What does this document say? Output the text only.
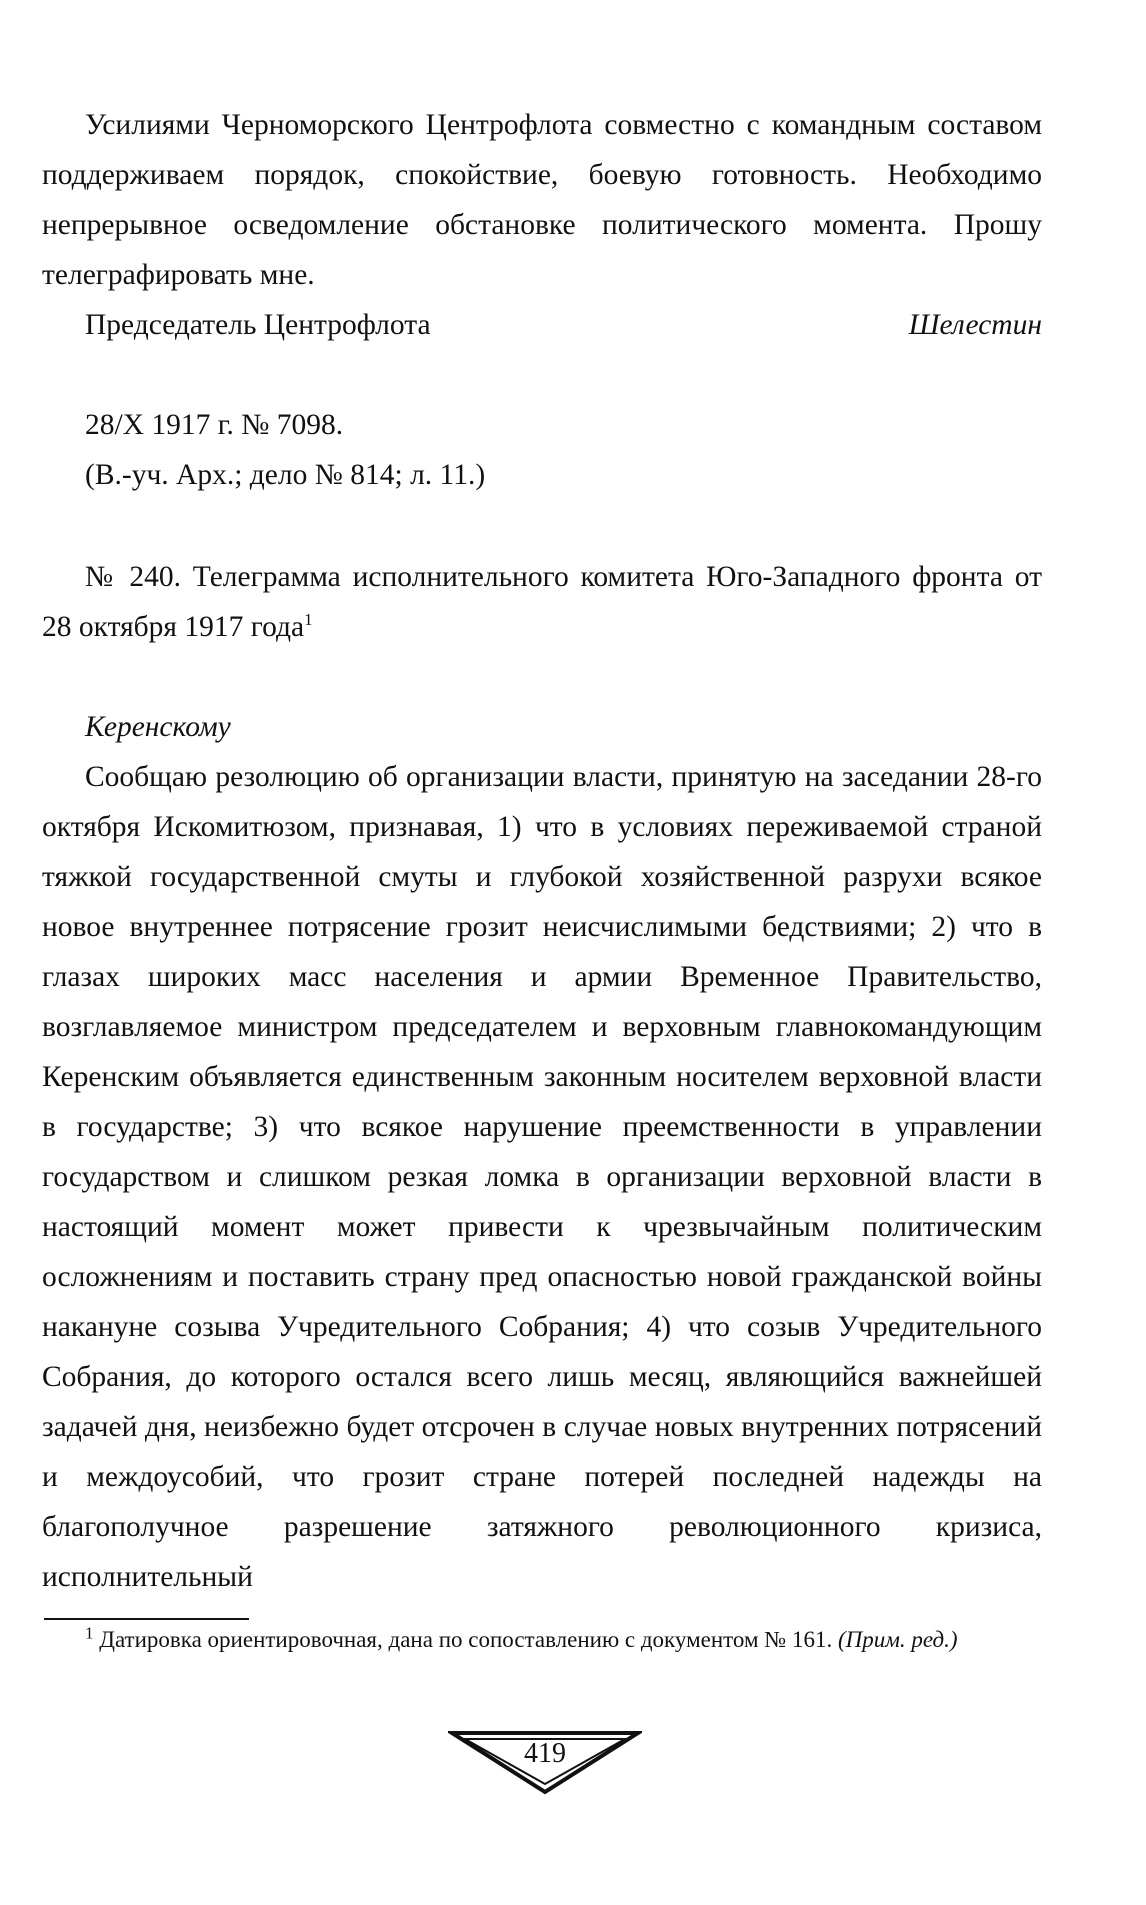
Усилиями Черноморского Центрофлота совместно с командным составом поддерживаем порядок, спокойствие, боевую готовность. Необходимо непрерывное осведомление обстановке политического момента. Прошу телеграфировать мне.

Председатель Центрофлота	Шелестин
28/Х 1917 г. № 7098.
(В.-уч. Арх.; дело № 814; л. 11.)

№ 240. Телеграмма исполнительного комитета Юго-Западного фронта от 28 октября 1917 года$^1$

Керенскому

Сообщаю резолюцию об организации власти, принятую на заседании 28-го октября Искомитюзом, признавая, 1) что в условиях переживаемой страной тяжкой государственной смуты и глубокой хозяйственной разрухи всякое новое внутреннее потрясение грозит неисчислимыми бедствиями; 2) что в глазах широких масс населения и армии Временное Правительство, возглавляемое министром председателем и верховным главнокомандующим Керенским объявляется единственным законным носителем верховной власти в государстве; 3) что всякое нарушение преемственности в управлении государством и слишком резкая ломка в организации верховной власти в настоящий момент может привести к чрезвычайным политическим осложнениям и поставить страну пред опасностью новой гражданской войны накануне созыва Учредительного Собрания; 4) что созыв Учредительного Собрания, до которого остался всего лишь месяц, являющийся важнейшей задачей дня, неизбежно будет отсрочен в случае новых внутренних потрясений и междоусобий, что грозит стране потерей последней надежды на благополучное разрешение затяжного революционного кризиса, исполнительный

$^1$ Датировка ориентировочная, дана по сопоставлению с документом № 161. (Прим. ред.)

419
